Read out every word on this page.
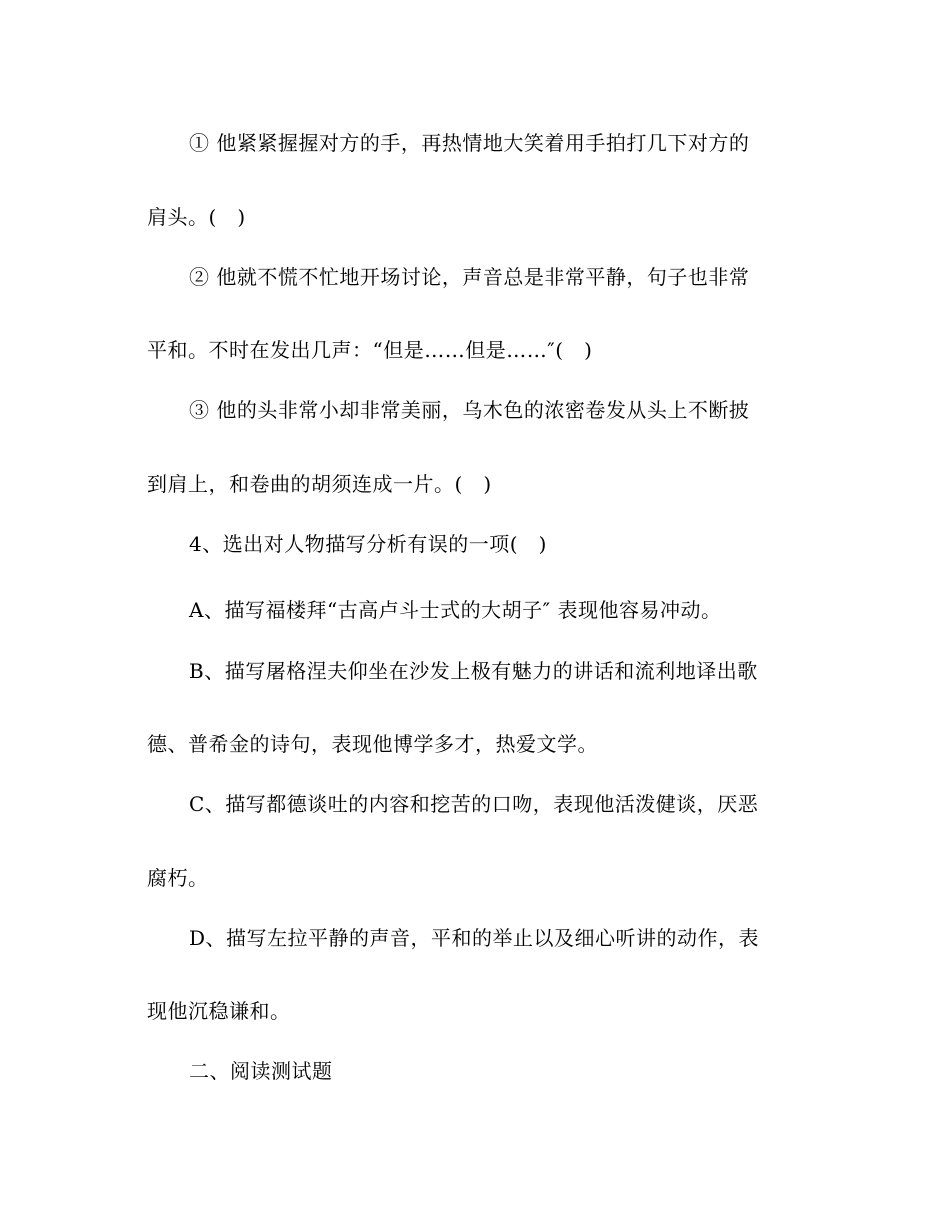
① 他紧紧握握对方的手，再热情地大笑着用手拍打几下对方的
肩头。(   )
② 他就不慌不忙地开场讨论，声音总是非常平静，句子也非常
平和。不时在发出几声：“但是……但是……″(   )
③ 他的头非常小却非常美丽，乌木色的浓密卷发从头上不断披
到肩上，和卷曲的胡须连成一片。(   )
4、选出对人物描写分析有误的一项(   )
A、描写福楼拜“古高卢斗士式的大胡子″ 表现他容易冲动。
B、描写屠格涅夫仰坐在沙发上极有魅力的讲话和流利地译出歌
德、普希金的诗句，表现他博学多才，热爱文学。
C、描写都德谈吐的内容和挖苦的口吻，表现他活泼健谈，厌恶
腐朽。
D、描写左拉平静的声音，平和的举止以及细心听讲的动作，表
现他沉稳谦和。
二、阅读测试题
